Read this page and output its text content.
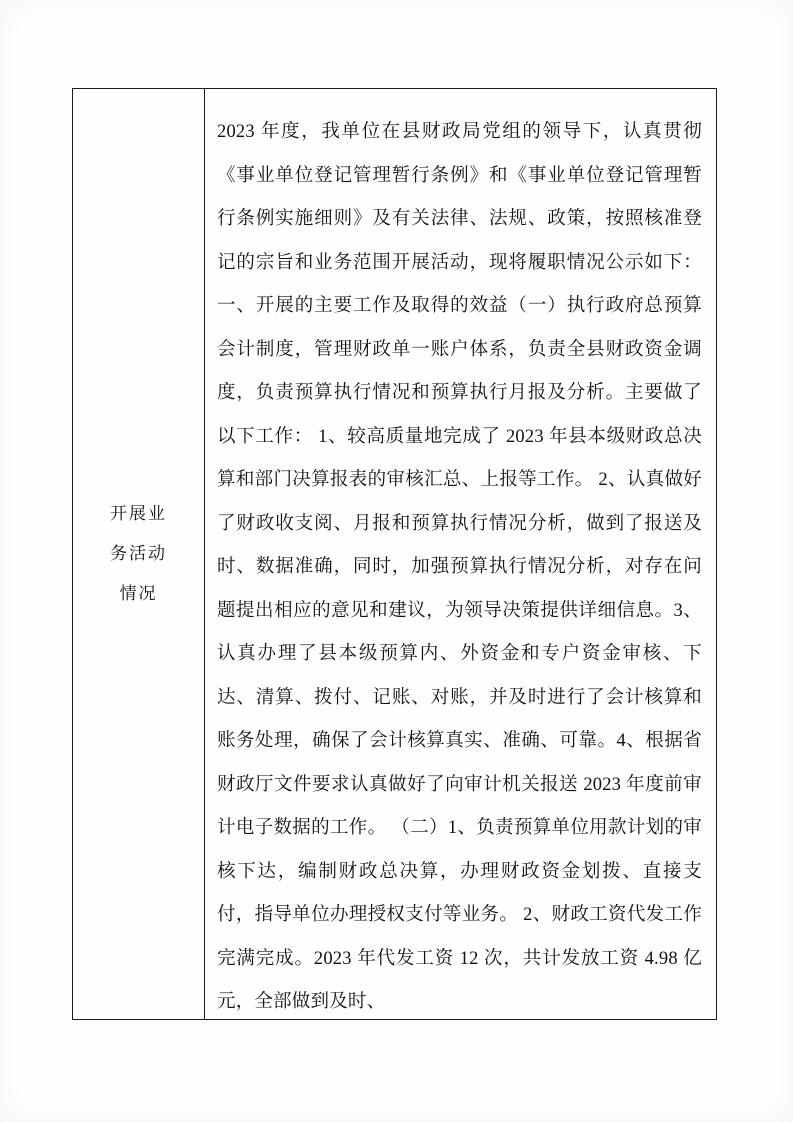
开展业务活动情况
2023 年度，我单位在县财政局党组的领导下，认真贯彻《事业单位登记管理暂行条例》和《事业单位登记管理暂行条例实施细则》及有关法律、法规、政策，按照核准登记的宗旨和业务范围开展活动，现将履职情况公示如下： 一、开展的主要工作及取得的效益（一）执行政府总预算会计制度，管理财政单一账户体系，负责全县财政资金调度，负责预算执行情况和预算执行月报及分析。主要做了以下工作： 1、较高质量地完成了 2023 年县本级财政总决算和部门决算报表的审核汇总、上报等工作。 2、认真做好了财政收支阅、月报和预算执行情况分析，做到了报送及时、数据准确，同时，加强预算执行情况分析，对存在问题提出相应的意见和建议，为领导决策提供详细信息。3、认真办理了县本级预算内、外资金和专户资金审核、下达、清算、拨付、记账、对账，并及时进行了会计核算和账务处理，确保了会计核算真实、准确、可靠。4、根据省财政厅文件要求认真做好了向审计机关报送 2023 年度前审计电子数据的工作。 （二）1、负责预算单位用款计划的审核下达，编制财政总决算，办理财政资金划拨、直接支付，指导单位办理授权支付等业务。 2、财政工资代发工作完满完成。2023 年代发工资 12 次，共计发放工资 4.98 亿元，全部做到及时、
